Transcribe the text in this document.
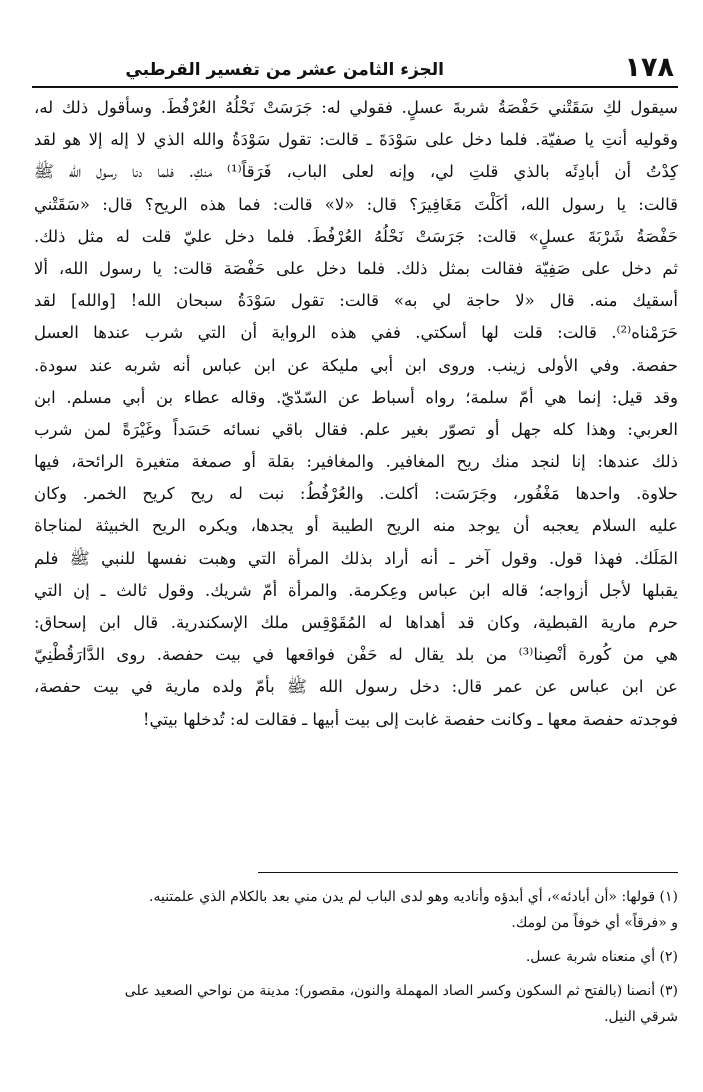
١٧٨
الجزء الثامن عشر من تفسير القرطبي
سيقول لكِ سَقَتْني حَفْصَةُ شربةَ عسلٍ. فقولي له: جَرَسَتْ نَحْلُهُ العُرْفُطَ. وسأقول ذلك له،
وقوليه أنتِ يا صفيّة. فلما دخل على سَوْدَةَ ـ قالت: تقول سَوْدَةُ والله الذي لا إله إلا هو لقد
كِدْتُ أن أبادِئَه بالذي قلتِ لي، وإنه لعلى الباب، فَرَقاً⁽¹⁾ منكِ. فلما دنا رسول الله ﷺ
قالت: يا رسول الله، أكَلْتَ مَغَافِيرَ؟ قال: «لا» قالت: فما هذه الريح؟ قال: «سَقَتْني
حَفْصَةُ شَرْبَةَ عسلٍ» قالت: جَرَسَتْ نَحْلُهُ العُرْفُطَ. فلما دخل عليّ قلت له مثل ذلك.
ثم دخل على صَفِيّة فقالت بمثل ذلك. فلما دخل على حَفْصَة قالت: يا رسول الله، ألا
أسقيك منه. قال «لا حاجة لي به» قالت: تقول سَوْدَةُ سبحان الله! [والله] لقد
حَرَمْناه⁽²⁾. قالت: قلت لها أسكتي. ففي هذه الرواية أن التي شرب عندها العسل
حفصة. وفي الأولى زينب. وروى ابن أبي مليكة عن ابن عباس أنه شربه عند سودة.
وقد قيل: إنما هي أمّ سلمة؛ رواه أسباط عن السّدّيّ. وقاله عطاء بن أبي مسلم. ابن
العربي: وهذا كله جهل أو تصوّر بغير علم. فقال باقي نسائه حَسَداً وغَيْرَةً لمن شرب
ذلك عندها: إنا لنجد منك ريح المغافير. والمغافير: بقلة أو صمغة متغيرة الرائحة، فيها
حلاوة. واحدها مَغْفُور، وجَرَسَت: أكلت. والعُرْفُطُ: نبت له ريح كريح الخمر. وكان
عليه السلام يعجبه أن يوجد منه الريح الطيبة أو يجدها، ويكره الريح الخبيثة لمناجاة
المَلَك. فهذا قول. وقول آخر ـ أنه أراد بذلك المرأة التي وهبت نفسها للنبي ﷺ فلم
يقبلها لأجل أزواجه؛ قاله ابن عباس وعِكرمة. والمرأة أمّ شريك. وقول ثالث ـ إن التي
حرم مارية القبطية، وكان قد أهداها له المُقَوْقِس ملك الإسكندرية. قال ابن إسحاق:
هي من كُورة أنْصِنا⁽³⁾ من بلد يقال له حَفْن فواقعها في بيت حفصة. روى الدَّارَقُطْنِيّ
عن ابن عباس عن عمر قال: دخل رسول الله ﷺ بأمّ ولده مارية في بيت حفصة،
فوجدته حفصة معها ـ وكانت حفصة غابت إلى بيت أبيها ـ فقالت له: تُدخلها بيتي!
(١) قولها: «أن أبادئه»، أي أبدؤه وأناديه وهو لدى الباب لم يدن مني بعد بالكلام الذي علمتنيه.
و «فرقاً» أي خوفاً من لومك.
(٢) أي منعناه شربة عسل.
(٣) أنصنا (بالفتح ثم السكون وكسر الصاد المهملة والنون، مقصور): مدينة من نواحي الصعيد على
شرقي النيل.
